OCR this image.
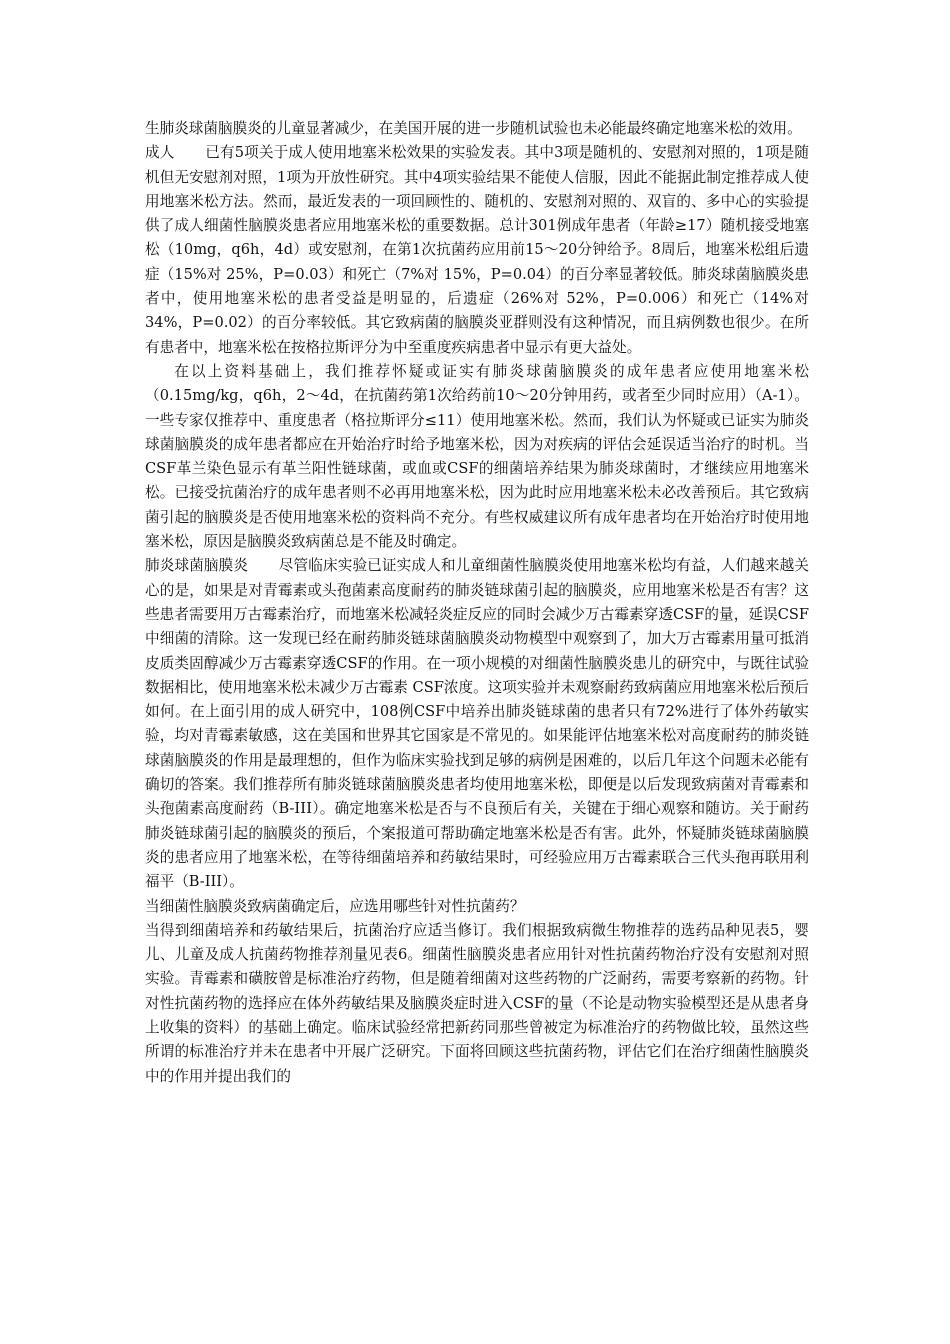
生肺炎球菌脑膜炎的儿童显著减少，在美国开展的进一步随机试验也未必能最终确定地塞米松的效用。

成人 已有5项关于成人使用地塞米松效果的实验发表。其中3项是随机的、安慰剂对照的，1项是随机但无安慰剂对照，1项为开放性研究。其中4项实验结果不能使人信服，因此不能据此制定推荐成人使用地塞米松方法。然而，最近发表的一项回顾性的、随机的、安慰剂对照的、双盲的、多中心的实验提供了成人细菌性脑膜炎患者应用地塞米松的重要数据。总计301例成年患者（年龄≥17）随机接受地塞松（10mg，q6h，4d）或安慰剂，在第1次抗菌药应用前15～20分钟给予。8周后，地塞米松组后遗症（15%对 25%，P=0.03）和死亡（7%对 15%，P=0.04）的百分率显著较低。肺炎球菌脑膜炎患者中，使用地塞米松的患者受益是明显的，后遗症（26%对 52%，P=0.006）和死亡（14%对 34%，P=0.02）的百分率较低。其它致病菌的脑膜炎亚群则没有这种情况，而且病例数也很少。在所有患者中，地塞米松在按格拉斯评分为中至重度疾病患者中显示有更大益处。

在以上资料基础上，我们推荐怀疑或证实有肺炎球菌脑膜炎的成年患者应使用地塞米松（0.15mg/kg，q6h，2～4d，在抗菌药第1次给药前10～20分钟用药，或者至少同时应用）（A-1）。一些专家仅推荐中、重度患者（格拉斯评分≤11）使用地塞米松。然而，我们认为怀疑或已证实为肺炎球菌脑膜炎的成年患者都应在开始治疗时给予地塞米松，因为对疾病的评估会延误适当治疗的时机。当CSF革兰染色显示有革兰阳性链球菌，或血或CSF的细菌培养结果为肺炎球菌时，才继续应用地塞米松。已接受抗菌治疗的成年患者则不必再用地塞米松，因为此时应用地塞米松未必改善预后。其它致病菌引起的脑膜炎是否使用地塞米松的资料尚不充分。有些权威建议所有成年患者均在开始治疗时使用地塞米松，原因是脑膜炎致病菌总是不能及时确定。

肺炎球菌脑膜炎 尽管临床实验已证实成人和儿童细菌性脑膜炎使用地塞米松均有益，人们越来越关心的是，如果是对青霉素或头孢菌素高度耐药的肺炎链球菌引起的脑膜炎，应用地塞米松是否有害？这些患者需要用万古霉素治疗，而地塞米松减轻炎症反应的同时会减少万古霉素穿透CSF的量，延误CSF中细菌的清除。这一发现已经在耐药肺炎链球菌脑膜炎动物模型中观察到了，加大万古霉素用量可抵消皮质类固醇减少万古霉素穿透CSF的作用。在一项小规模的对细菌性脑膜炎患儿的研究中，与既往试验数据相比，使用地塞米松未减少万古霉素 CSF浓度。这项实验并未观察耐药致病菌应用地塞米松后预后如何。在上面引用的成人研究中，108例CSF中培养出肺炎链球菌的患者只有72%进行了体外药敏实验，均对青霉素敏感，这在美国和世界其它国家是不常见的。如果能评估地塞米松对高度耐药的肺炎链球菌脑膜炎的作用是最理想的，但作为临床实验找到足够的病例是困难的，以后几年这个问题未必能有确切的答案。我们推荐所有肺炎链球菌脑膜炎患者均使用地塞米松，即便是以后发现致病菌对青霉素和头孢菌素高度耐药（B-IIⅠ）。确定地塞米松是否与不良预后有关，关键在于细心观察和随访。关于耐药肺炎链球菌引起的脑膜炎的预后，个案报道可帮助确定地塞米松是否有害。此外，怀疑肺炎链球菌脑膜炎的患者应用了地塞米松，在等待细菌培养和药敏结果时，可经验应用万古霉素联合三代头孢再联用利福平（B-IIⅠ）。

当细菌性脑膜炎致病菌确定后，应选用哪些针对性抗菌药？

当得到细菌培养和药敏结果后，抗菌治疗应适当修订。我们根据致病微生物推荐的选药品种见表5，婴儿、儿童及成人抗菌药物推荐剂量见表6。细菌性脑膜炎患者应用针对性抗菌药物治疗没有安慰剂对照实验。青霉素和磺胺曾是标准治疗药物，但是随着细菌对这些药物的广泛耐药，需要考察新的药物。针对性抗菌药物的选择应在体外药敏结果及脑膜炎症时进入CSF的量（不论是动物实验模型还是从患者身上收集的资料）的基础上确定。临床试验经常把新药同那些曾被定为标准治疗的药物做比较，虽然这些所谓的标准治疗并未在患者中开展广泛研究。下面将回顾这些抗菌药物，评估它们在治疗细菌性脑膜炎中的作用并提出我们的
